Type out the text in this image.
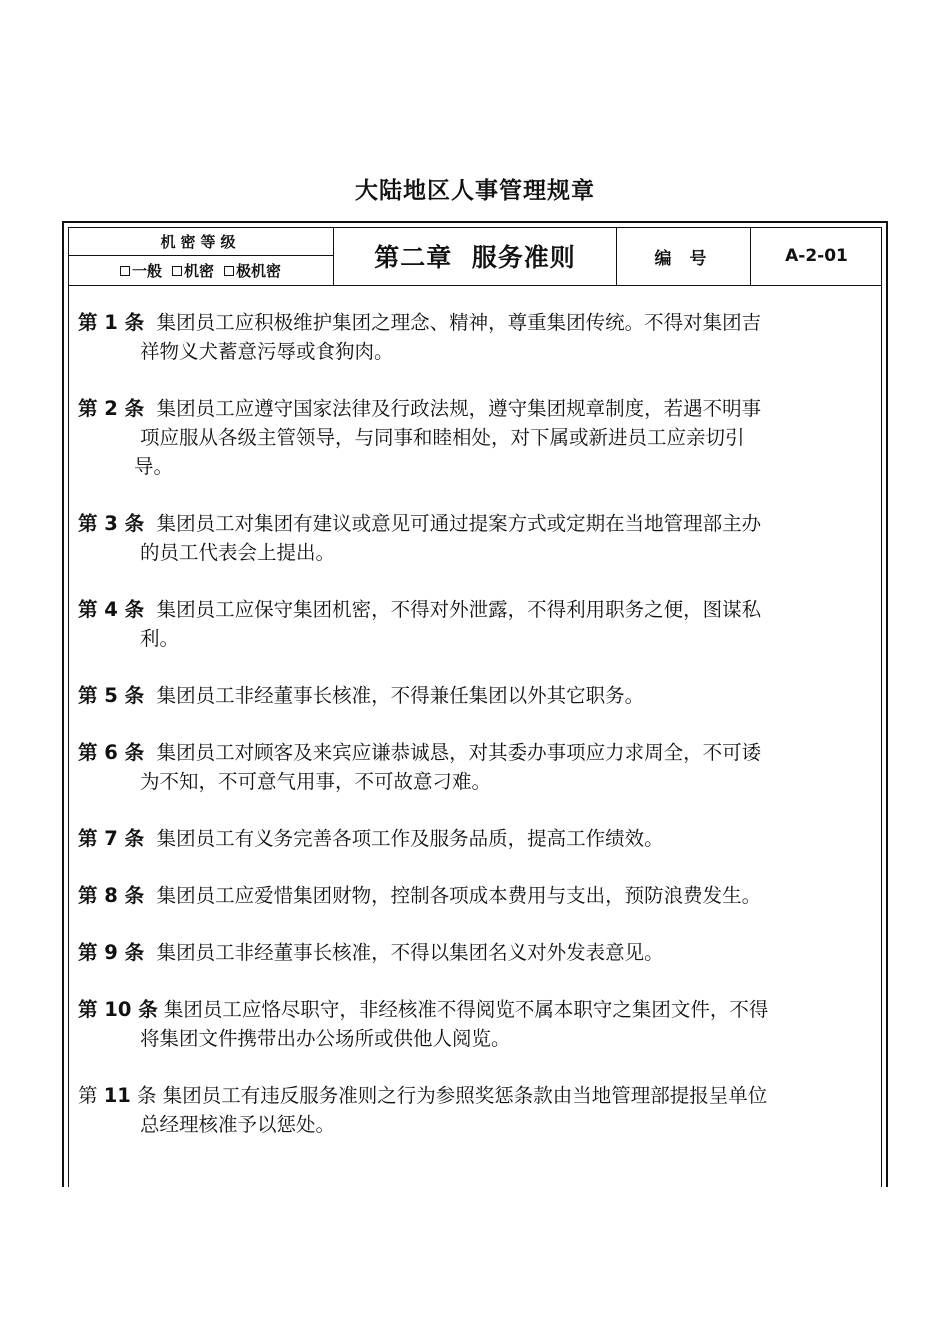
大陆地区人事管理规章
机密等级
一般 机密 极机密	第二章  服务准则	编 号	A-2-01
第 1 条 集团员工应积极维护集团之理念、精神，尊重集团传统。不得对集团吉
祥物义犬蓄意污辱或食狗肉。
第 2 条 集团员工应遵守国家法律及行政法规，遵守集团规章制度，若遇不明事
项应服从各级主管领导，与同事和睦相处，对下属或新进员工应亲切引
导。
第 3 条 集团员工对集团有建议或意见可通过提案方式或定期在当地管理部主办
的员工代表会上提出。
第 4 条 集团员工应保守集团机密，不得对外泄露，不得利用职务之便，图谋私
利。
第 5 条 集团员工非经董事长核准，不得兼任集团以外其它职务。
第 6 条 集团员工对顾客及来宾应谦恭诚恳，对其委办事项应力求周全，不可诿
为不知，不可意气用事，不可故意刁难。
第 7 条 集团员工有义务完善各项工作及服务品质，提高工作绩效。
第 8 条 集团员工应爱惜集团财物，控制各项成本费用与支出，预防浪费发生。
第 9 条 集团员工非经董事长核准，不得以集团名义对外发表意见。
第 10 条 集团员工应恪尽职守，非经核准不得阅览不属本职守之集团文件，不得
将集团文件携带出办公场所或供他人阅览。
第 11 条 集团员工有违反服务准则之行为参照奖惩条款由当地管理部提报呈单位
总经理核准予以惩处。
